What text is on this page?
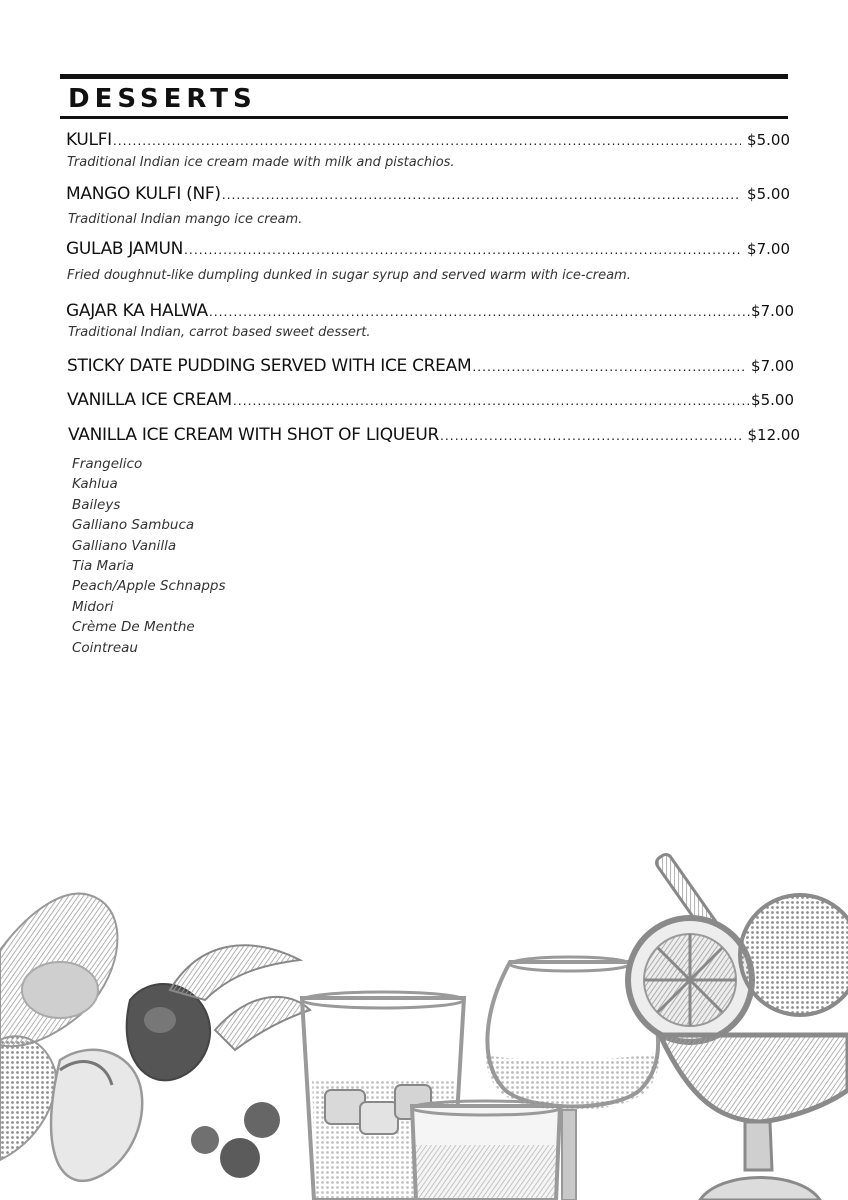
DESSERTS
KULFI .....	$5.00

Traditional Indian ice cream made with milk and pistachios.

MANGO KULFI (NF) .....	$5.00

Traditional Indian mango ice cream.

GULAB JAMUN .....	$7.00

Fried doughnut-like dumpling dunked in sugar syrup and served warm with ice-cream.

GAJAR KA HALWA .....	$7.00

Traditional Indian, carrot based sweet dessert.

STICKY DATE PUDDING SERVED WITH ICE CREAM .....	$7.00
VANILLA ICE CREAM .....	$5.00
VANILLA ICE CREAM WITH SHOT OF LIQUEUR .....	$12.00
Frangelico
Kahlua
Baileys
Galliano Sambuca
Galliano Vanilla
Tia Maria
Peach/Apple Schnapps
Midori
Crème De Menthe
Cointreau
